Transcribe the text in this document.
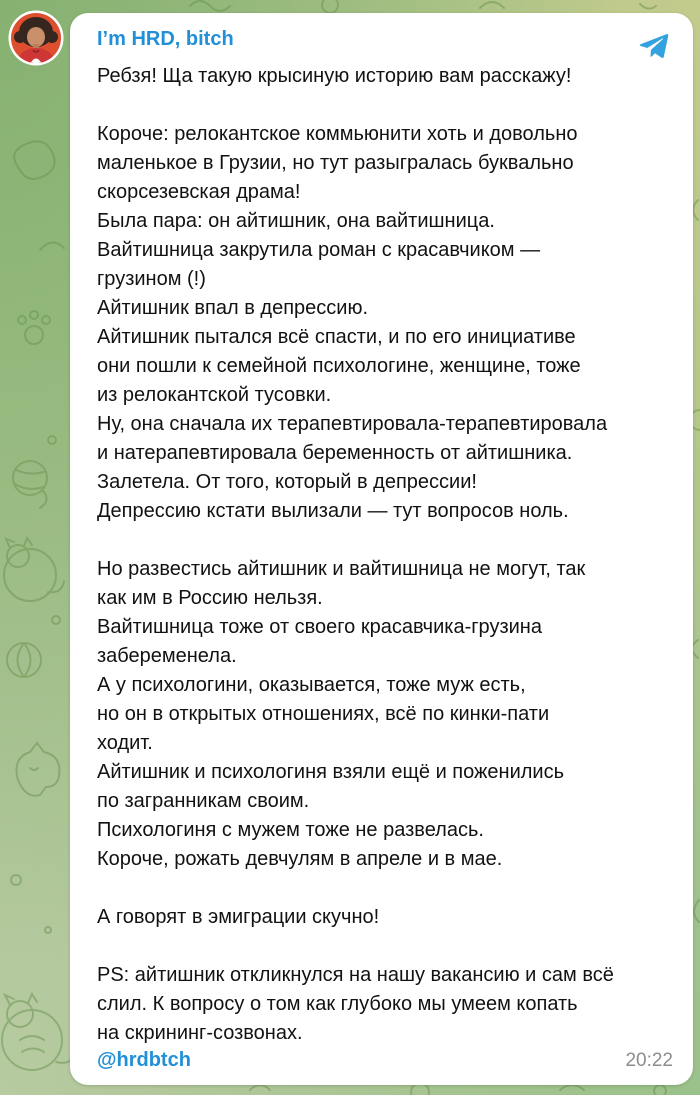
I’m HRD, bitch
Ребзя! Ща такую крысиную историю вам расскажу!
Короче: релокантское коммьюнити хоть и довольно
маленькое в Грузии, но тут разыгралась буквально
скорсезевская драма!
Была пара: он айтишник, она вайтишница.
Вайтишница закрутила роман с красавчиком —
грузином (!)
Айтишник впал в депрессию.
Айтишник пытался всё спасти, и по его инициативе
они пошли к семейной психологине, женщине, тоже
из релокантской тусовки.
Ну, она сначала их терапевтировала-терапевтировала
и натерапевтировала беременность от айтишника.
Залетела. От того, который в депрессии!
Депрессию кстати вылизали — тут вопросов ноль.
Но развестись айтишник и вайтишница не могут, так
как им в Россию нельзя.
Вайтишница тоже от своего красавчика-грузина
забеременела.
А у психологини, оказывается, тоже муж есть,
но он в открытых отношениях, всё по кинки-пати
ходит.
Айтишник и психологиня взяли ещё и поженились
по загранникам своим.
Психологиня с мужем тоже не развелась.
Короче, рожать девчулям в апреле и в мае.
А говорят в эмиграции скучно!
PS: айтишник откликнулся на нашу вакансию и сам всё
слил. К вопросу о том как глубоко мы умеем копать
на скрининг-созвонах.
@hrdbtch	20:22
